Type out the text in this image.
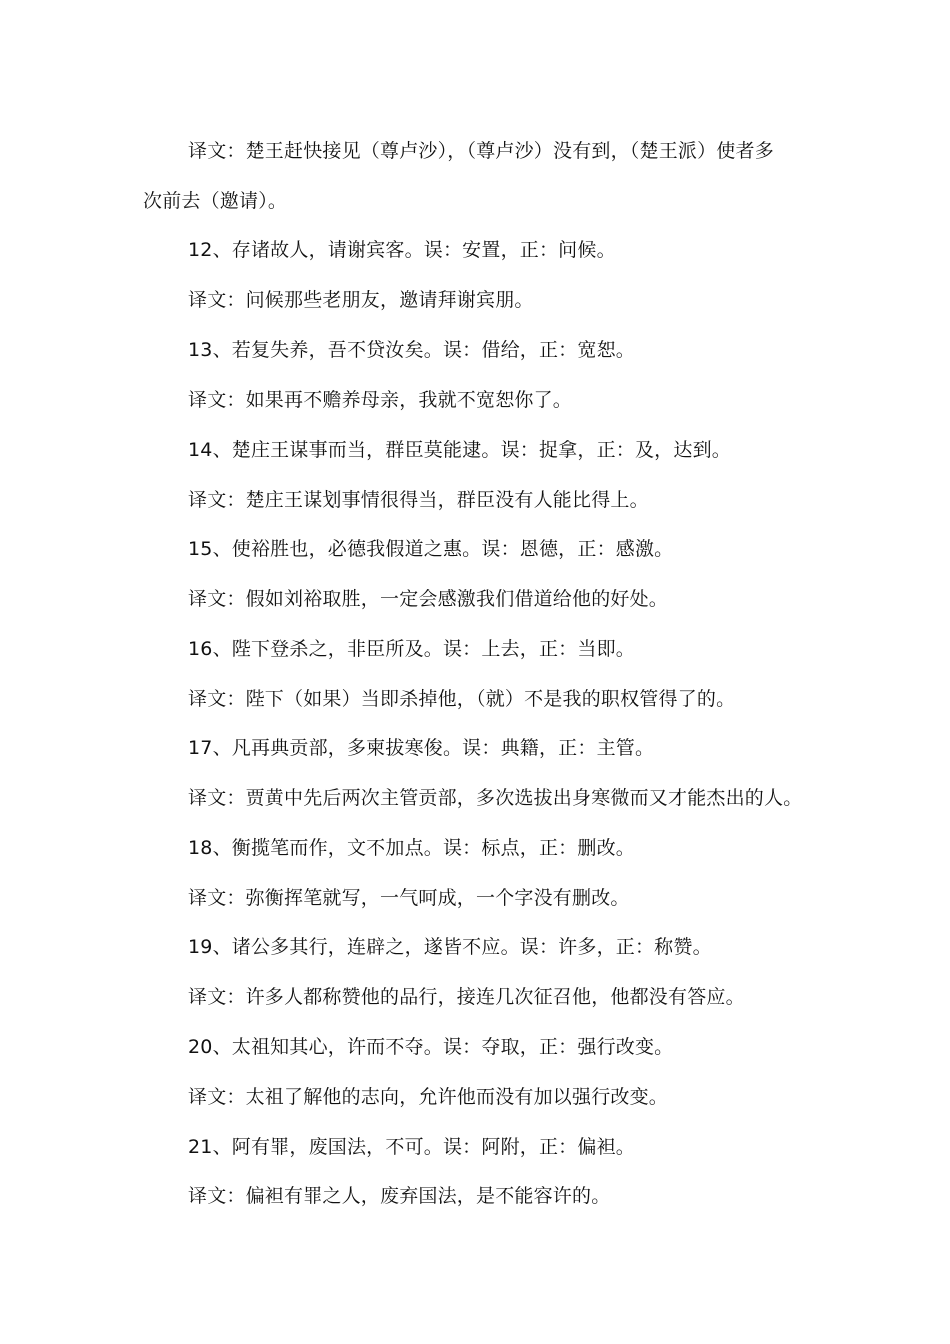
译文：楚王赶快接见（尊卢沙），（尊卢沙）没有到，（楚王派）使者多
次前去（邀请）。
12、存诸故人，请谢宾客。误：安置，正：问候。
译文：问候那些老朋友，邀请拜谢宾朋。
13、若复失养，吾不贷汝矣。误：借给，正：宽恕。
译文：如果再不赡养母亲，我就不宽恕你了。
14、楚庄王谋事而当，群臣莫能逮。误：捉拿，正：及，达到。
译文：楚庄王谋划事情很得当，群臣没有人能比得上。
15、使裕胜也，必德我假道之惠。误：恩德，正：感激。
译文：假如刘裕取胜，一定会感激我们借道给他的好处。
16、陛下登杀之，非臣所及。误：上去，正：当即。
译文：陛下（如果）当即杀掉他，（就）不是我的职权管得了的。
17、凡再典贡部，多柬拔寒俊。误：典籍，正：主管。
译文：贾黄中先后两次主管贡部，多次选拔出身寒微而又才能杰出的人。
18、衡揽笔而作，文不加点。误：标点，正：删改。
译文：弥衡挥笔就写，一气呵成，一个字没有删改。
19、诸公多其行，连辟之，遂皆不应。误：许多，正：称赞。
译文：许多人都称赞他的品行，接连几次征召他，他都没有答应。
20、太祖知其心，许而不夺。误：夺取，正：强行改变。
译文：太祖了解他的志向，允许他而没有加以强行改变。
21、阿有罪，废国法，不可。误：阿附，正：偏袒。
译文：偏袒有罪之人，废弃国法，是不能容许的。
